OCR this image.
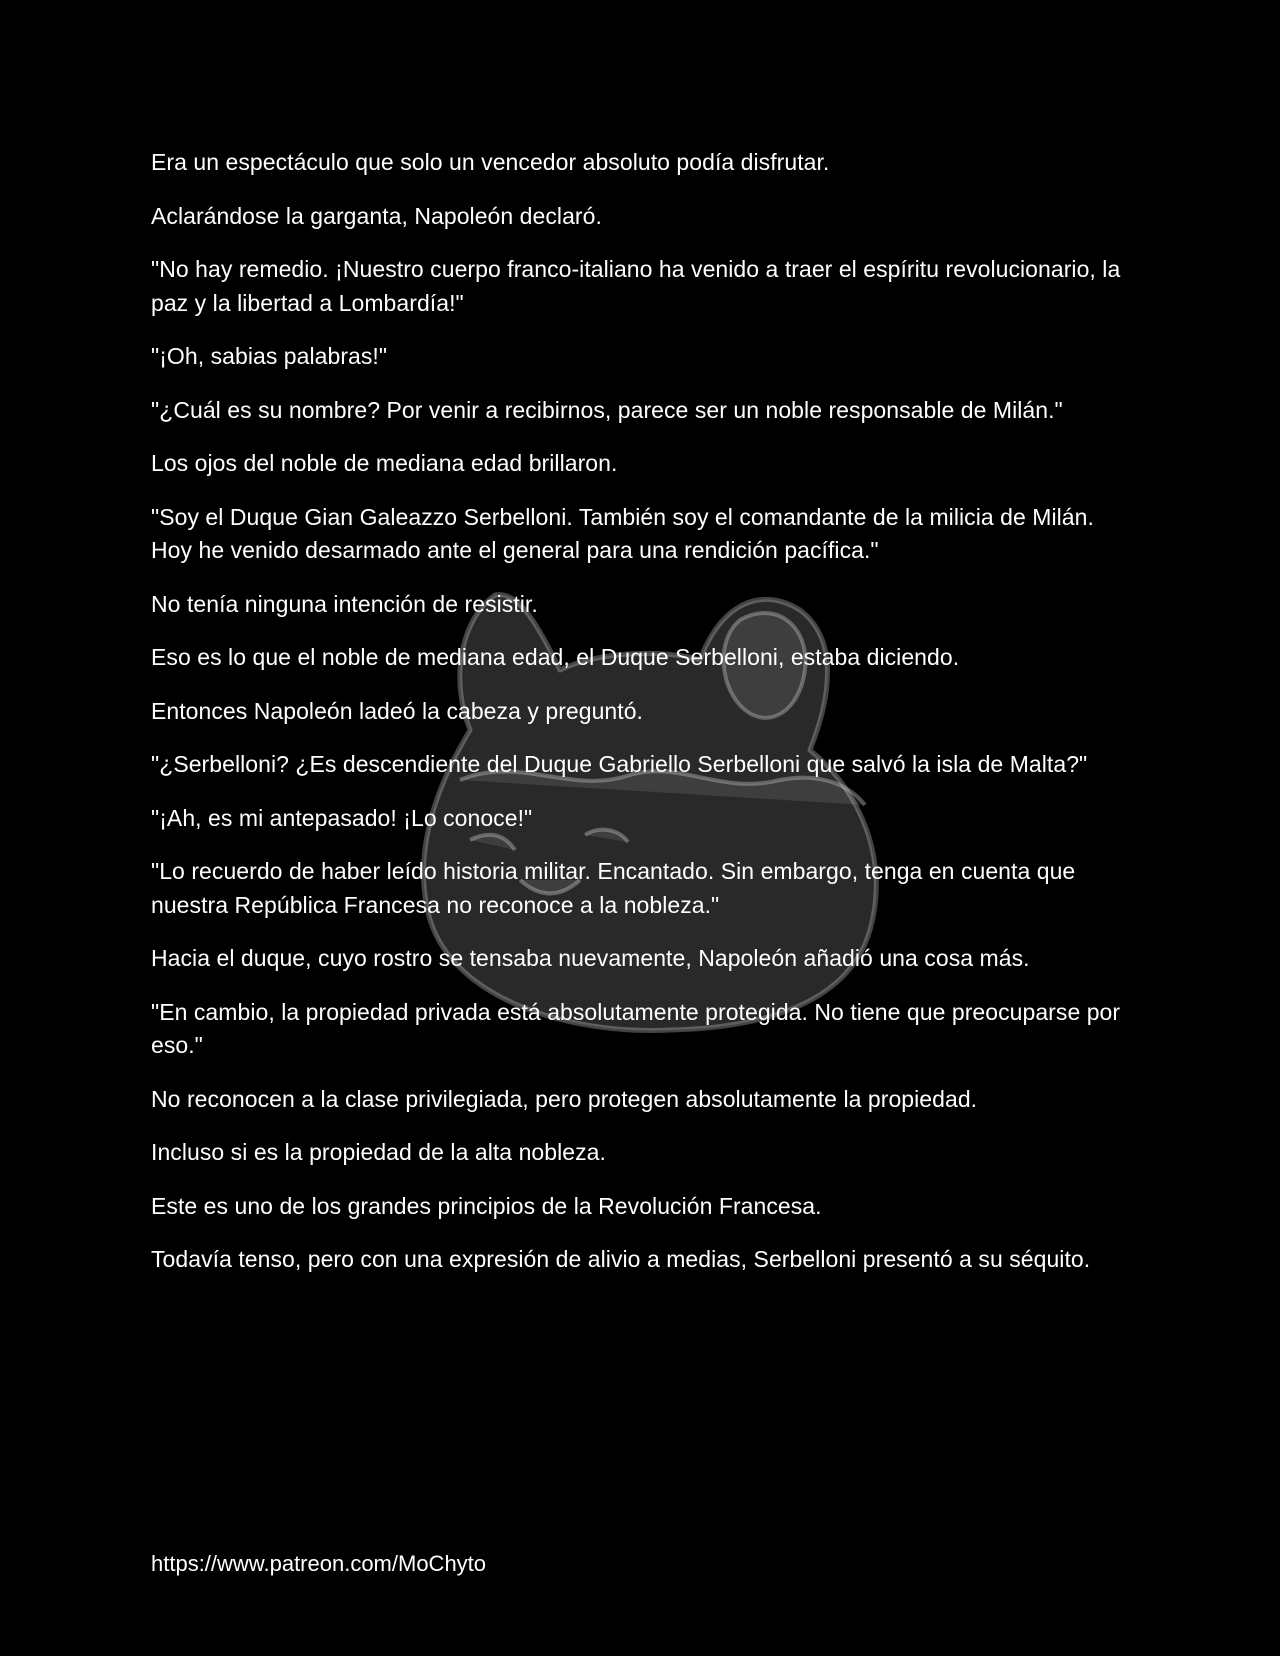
Era un espectáculo que solo un vencedor absoluto podía disfrutar.

Aclarándose la garganta, Napoleón declaró.

"No hay remedio. ¡Nuestro cuerpo franco-italiano ha venido a traer el espíritu revolucionario, la paz y la libertad a Lombardía!"

"¡Oh, sabias palabras!"

"¿Cuál es su nombre? Por venir a recibirnos, parece ser un noble responsable de Milán."

Los ojos del noble de mediana edad brillaron.

"Soy el Duque Gian Galeazzo Serbelloni. También soy el comandante de la milicia de Milán. Hoy he venido desarmado ante el general para una rendición pacífica."

No tenía ninguna intención de resistir.

Eso es lo que el noble de mediana edad, el Duque Serbelloni, estaba diciendo.

Entonces Napoleón ladeó la cabeza y preguntó.

"¿Serbelloni? ¿Es descendiente del Duque Gabriello Serbelloni que salvó la isla de Malta?"

"¡Ah, es mi antepasado! ¡Lo conoce!"

"Lo recuerdo de haber leído historia militar. Encantado. Sin embargo, tenga en cuenta que nuestra República Francesa no reconoce a la nobleza."

Hacia el duque, cuyo rostro se tensaba nuevamente, Napoleón añadió una cosa más.

"En cambio, la propiedad privada está absolutamente protegida. No tiene que preocuparse por eso."

No reconocen a la clase privilegiada, pero protegen absolutamente la propiedad.

Incluso si es la propiedad de la alta nobleza.

Este es uno de los grandes principios de la Revolución Francesa.

Todavía tenso, pero con una expresión de alivio a medias, Serbelloni presentó a su séquito.

https://www.patreon.com/MoChyto
